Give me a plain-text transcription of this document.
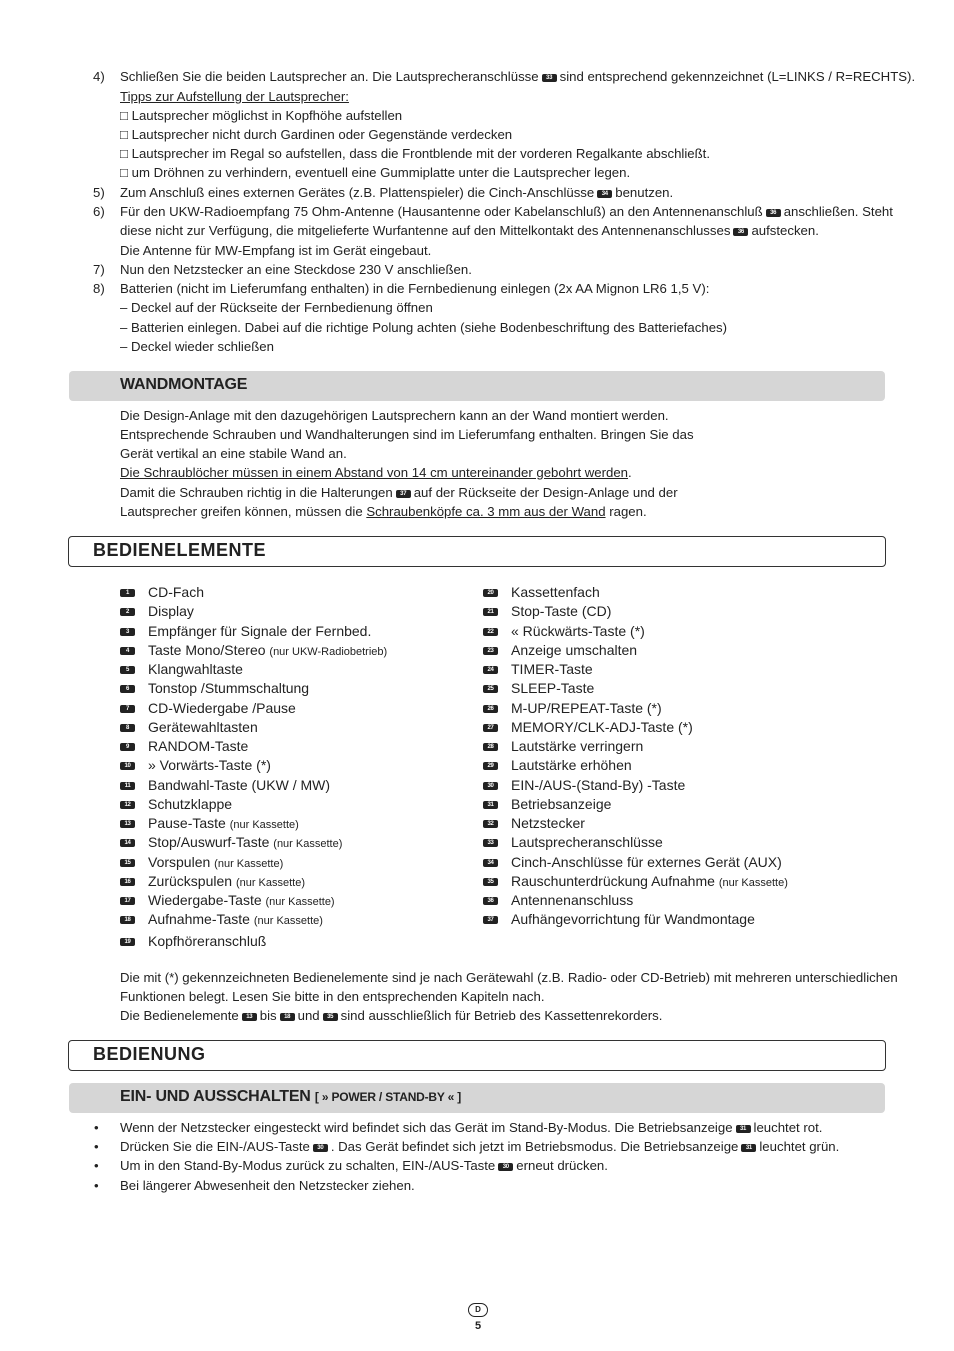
4) Schließen Sie die beiden Lautsprecher an. Die Lautsprecheranschlüsse 33 sind entsprechend gekennzeichnet (L=LINKS / R=RECHTS).
Tipps zur Aufstellung der Lautsprecher:
□ Lautsprecher möglichst in Kopfhöhe aufstellen
□ Lautsprecher nicht durch Gardinen oder Gegenstände verdecken
□ Lautsprecher im Regal so aufstellen, dass die Frontblende mit der vorderen Regalkante abschließt.
□ um Dröhnen zu verhindern, eventuell eine Gummiplatte unter die Lautsprecher legen.
5) Zum Anschluß eines externen Gerätes (z.B. Plattenspieler) die Cinch-Anschlüsse 34 benutzen.
6) Für den UKW-Radioempfang 75 Ohm-Antenne (Hausantenne oder Kabelanschluß) an den Antennenanschluß 36 anschließen. Steht
diese nicht zur Verfügung, die mitgelieferte Wurfantenne auf den Mittelkontakt des Antennenanschlusses 36 aufstecken.
Die Antenne für MW-Empfang ist im Gerät eingebaut.
7) Nun den Netzstecker an eine Steckdose 230 V anschließen.
8) Batterien (nicht im Lieferumfang enthalten) in die Fernbedienung einlegen (2x AA Mignon LR6 1,5 V):
– Deckel auf der Rückseite der Fernbedienung öffnen
– Batterien einlegen. Dabei auf die richtige Polung achten (siehe Bodenbeschriftung des Batteriefaches)
– Deckel wieder schließen
WANDMONTAGE
Die Design-Anlage mit den dazugehörigen Lautsprechern kann an der Wand montiert werden.
Entsprechende Schrauben und Wandhalterungen sind im Lieferumfang enthalten. Bringen Sie das
Gerät vertikal an eine stabile Wand an.
Die Schraublöcher müssen in einem Abstand von 14 cm untereinander gebohrt werden.
Damit die Schrauben richtig in die Halterungen 37 auf der Rückseite der Design-Anlage und der
Lautsprecher greifen können, müssen die Schraubenköpfe ca. 3 mm aus der Wand ragen.
BEDIENELEMENTE
1	CD-Fach
2	Display
3	Empfänger für Signale der Fernbed.
4	Taste Mono/Stereo (nur UKW-Radiobetrieb)
5	Klangwahltaste
6	Tonstop /Stummschaltung
7	CD-Wiedergabe /Pause
8	Gerätewahltasten
9	RANDOM-Taste
10	» Vorwärts-Taste (*)
11	Bandwahl-Taste (UKW / MW)
12	Schutzklappe
13	Pause-Taste (nur Kassette)
14	Stop/Auswurf-Taste (nur Kassette)
15	Vorspulen (nur Kassette)
16	Zurückspulen (nur Kassette)
17	Wiedergabe-Taste (nur Kassette)
18	Aufnahme-Taste (nur Kassette)
19	Kopfhöreranschluß
20	Kassettenfach
21	Stop-Taste (CD)
22	« Rückwärts-Taste (*)
23	Anzeige umschalten
24	TIMER-Taste
25	SLEEP-Taste
26	M-UP/REPEAT-Taste (*)
27	MEMORY/CLK-ADJ-Taste (*)
28	Lautstärke verringern
29	Lautstärke erhöhen
30	EIN-/AUS-(Stand-By) -Taste
31	Betriebsanzeige
32	Netzstecker
33	Lautsprecheranschlüsse
34	Cinch-Anschlüsse für externes Gerät (AUX)
35	Rauschunterdrückung Aufnahme (nur Kassette)
36	Antennenanschluss
37	Aufhängevorrichtung für Wandmontage
Die mit (*) gekennzeichneten Bedienelemente sind je nach Gerätewahl (z.B. Radio- oder CD-Betrieb) mit mehreren unterschiedlichen
Funktionen belegt. Lesen Sie bitte in den entsprechenden Kapiteln nach.
Die Bedienelemente 13 bis 18 und 35 sind ausschließlich für Betrieb des Kassettenrekorders.
BEDIENUNG
EIN- UND AUSSCHALTEN [ » POWER / STAND-BY « ]
• Wenn der Netzstecker eingesteckt wird befindet sich das Gerät im Stand-By-Modus. Die Betriebsanzeige 31 leuchtet rot.
• Drücken Sie die EIN-/AUS-Taste 30 . Das Gerät befindet sich jetzt im Betriebsmodus. Die Betriebsanzeige 31 leuchtet grün.
• Um in den Stand-By-Modus zurück zu schalten, EIN-/AUS-Taste 30 erneut drücken.
• Bei längerer Abwesenheit den Netzstecker ziehen.
D
5
